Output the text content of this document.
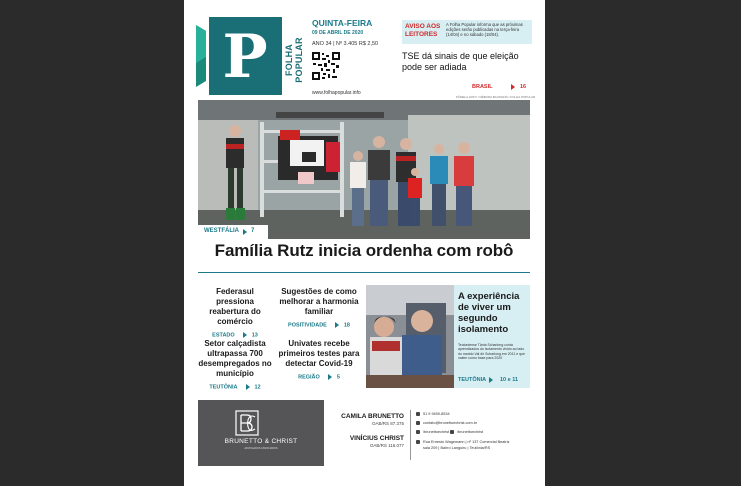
P FOLHA POPULAR
QUINTA-FEIRA
09 DE ABRIL DE 2020
ANO 34 | Nº 3.405 R$ 2,50
www.folhapopular.info
AVISO AOS LEITORES
A Folha Popular informa que as próximas edições serão publicadas na terça-feira (14/04) e no sábado (18/04).
TSE dá sinais de que eleição pode ser adiada
BRASIL	16
PÂMELA HÖFT / DÉBORA BAUMANN / FOLHA POPULAR
WESTFÁLIA 7
Família Rutz inicia ordenha com robô
Federasul pressiona reabertura do comércio
ESTADO	13
Sugestões de como melhorar a harmonia familiar
POSITIVIDADE	18
Setor calçadista ultrapassa 700 desempregados no município
TEUTÔNIA	12
Univates recebe primeiros testes para detectar Covid-19
REGIÃO	5
A experiência de viver um segundo isolamento
Teutoniense Tânia Scharlong conta aprendizados do isolamento vivido ao lado do marido Val dir Scharlong em 2011 e que valem como base para 2020
TEUTÔNIA	10 e 11
BRUNETTO & CHRIST
ADVOGADOS ASSOCIADOS
CAMILA BRUNETTO
OAB/RS 87.375
VINÍCIUS CHRIST
OAB/RS 116.077
51 9 9459-8534
contato@brunettoechrist.com.br
/brunettoechrist	/brunettoechrist
Rua Ernesto Wagemann | nº 137 Comercial Beatriz
sala 209 | Bairro Languiru | Teutônia/RS
